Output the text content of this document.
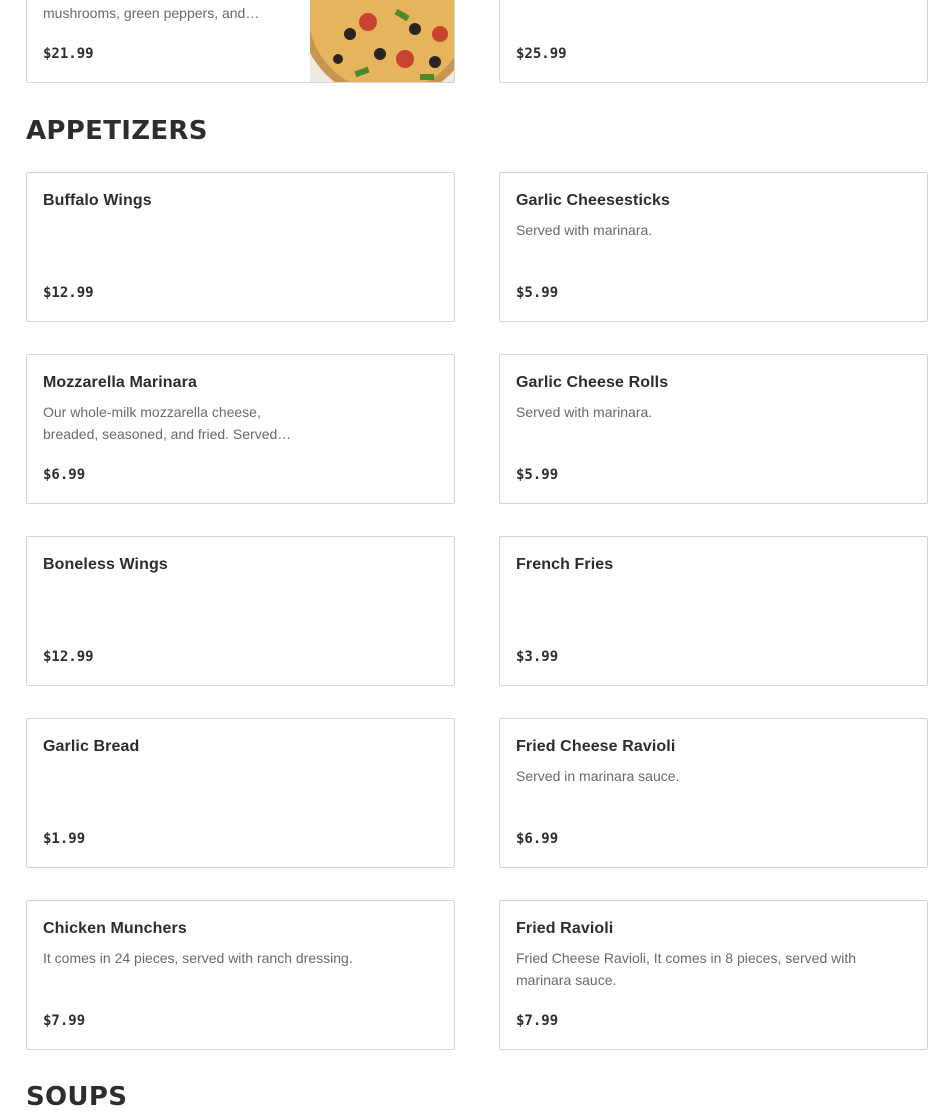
mushrooms, green peppers, and…
$21.99	$25.99
APPETIZERS
Buffalo Wings
$12.99
Garlic Cheesesticks
Served with marinara.
$5.99
Mozzarella Marinara
Our whole-milk mozzarella cheese, breaded, seasoned, and fried. Served…
$6.99
Garlic Cheese Rolls
Served with marinara.
$5.99
Boneless Wings
$12.99
French Fries
$3.99
Garlic Bread
$1.99
Fried Cheese Ravioli
Served in marinara sauce.
$6.99
Chicken Munchers
It comes in 24 pieces, served with ranch dressing.
$7.99
Fried Ravioli
Fried Cheese Ravioli, It comes in 8 pieces, served with marinara sauce.
$7.99
SOUPS
